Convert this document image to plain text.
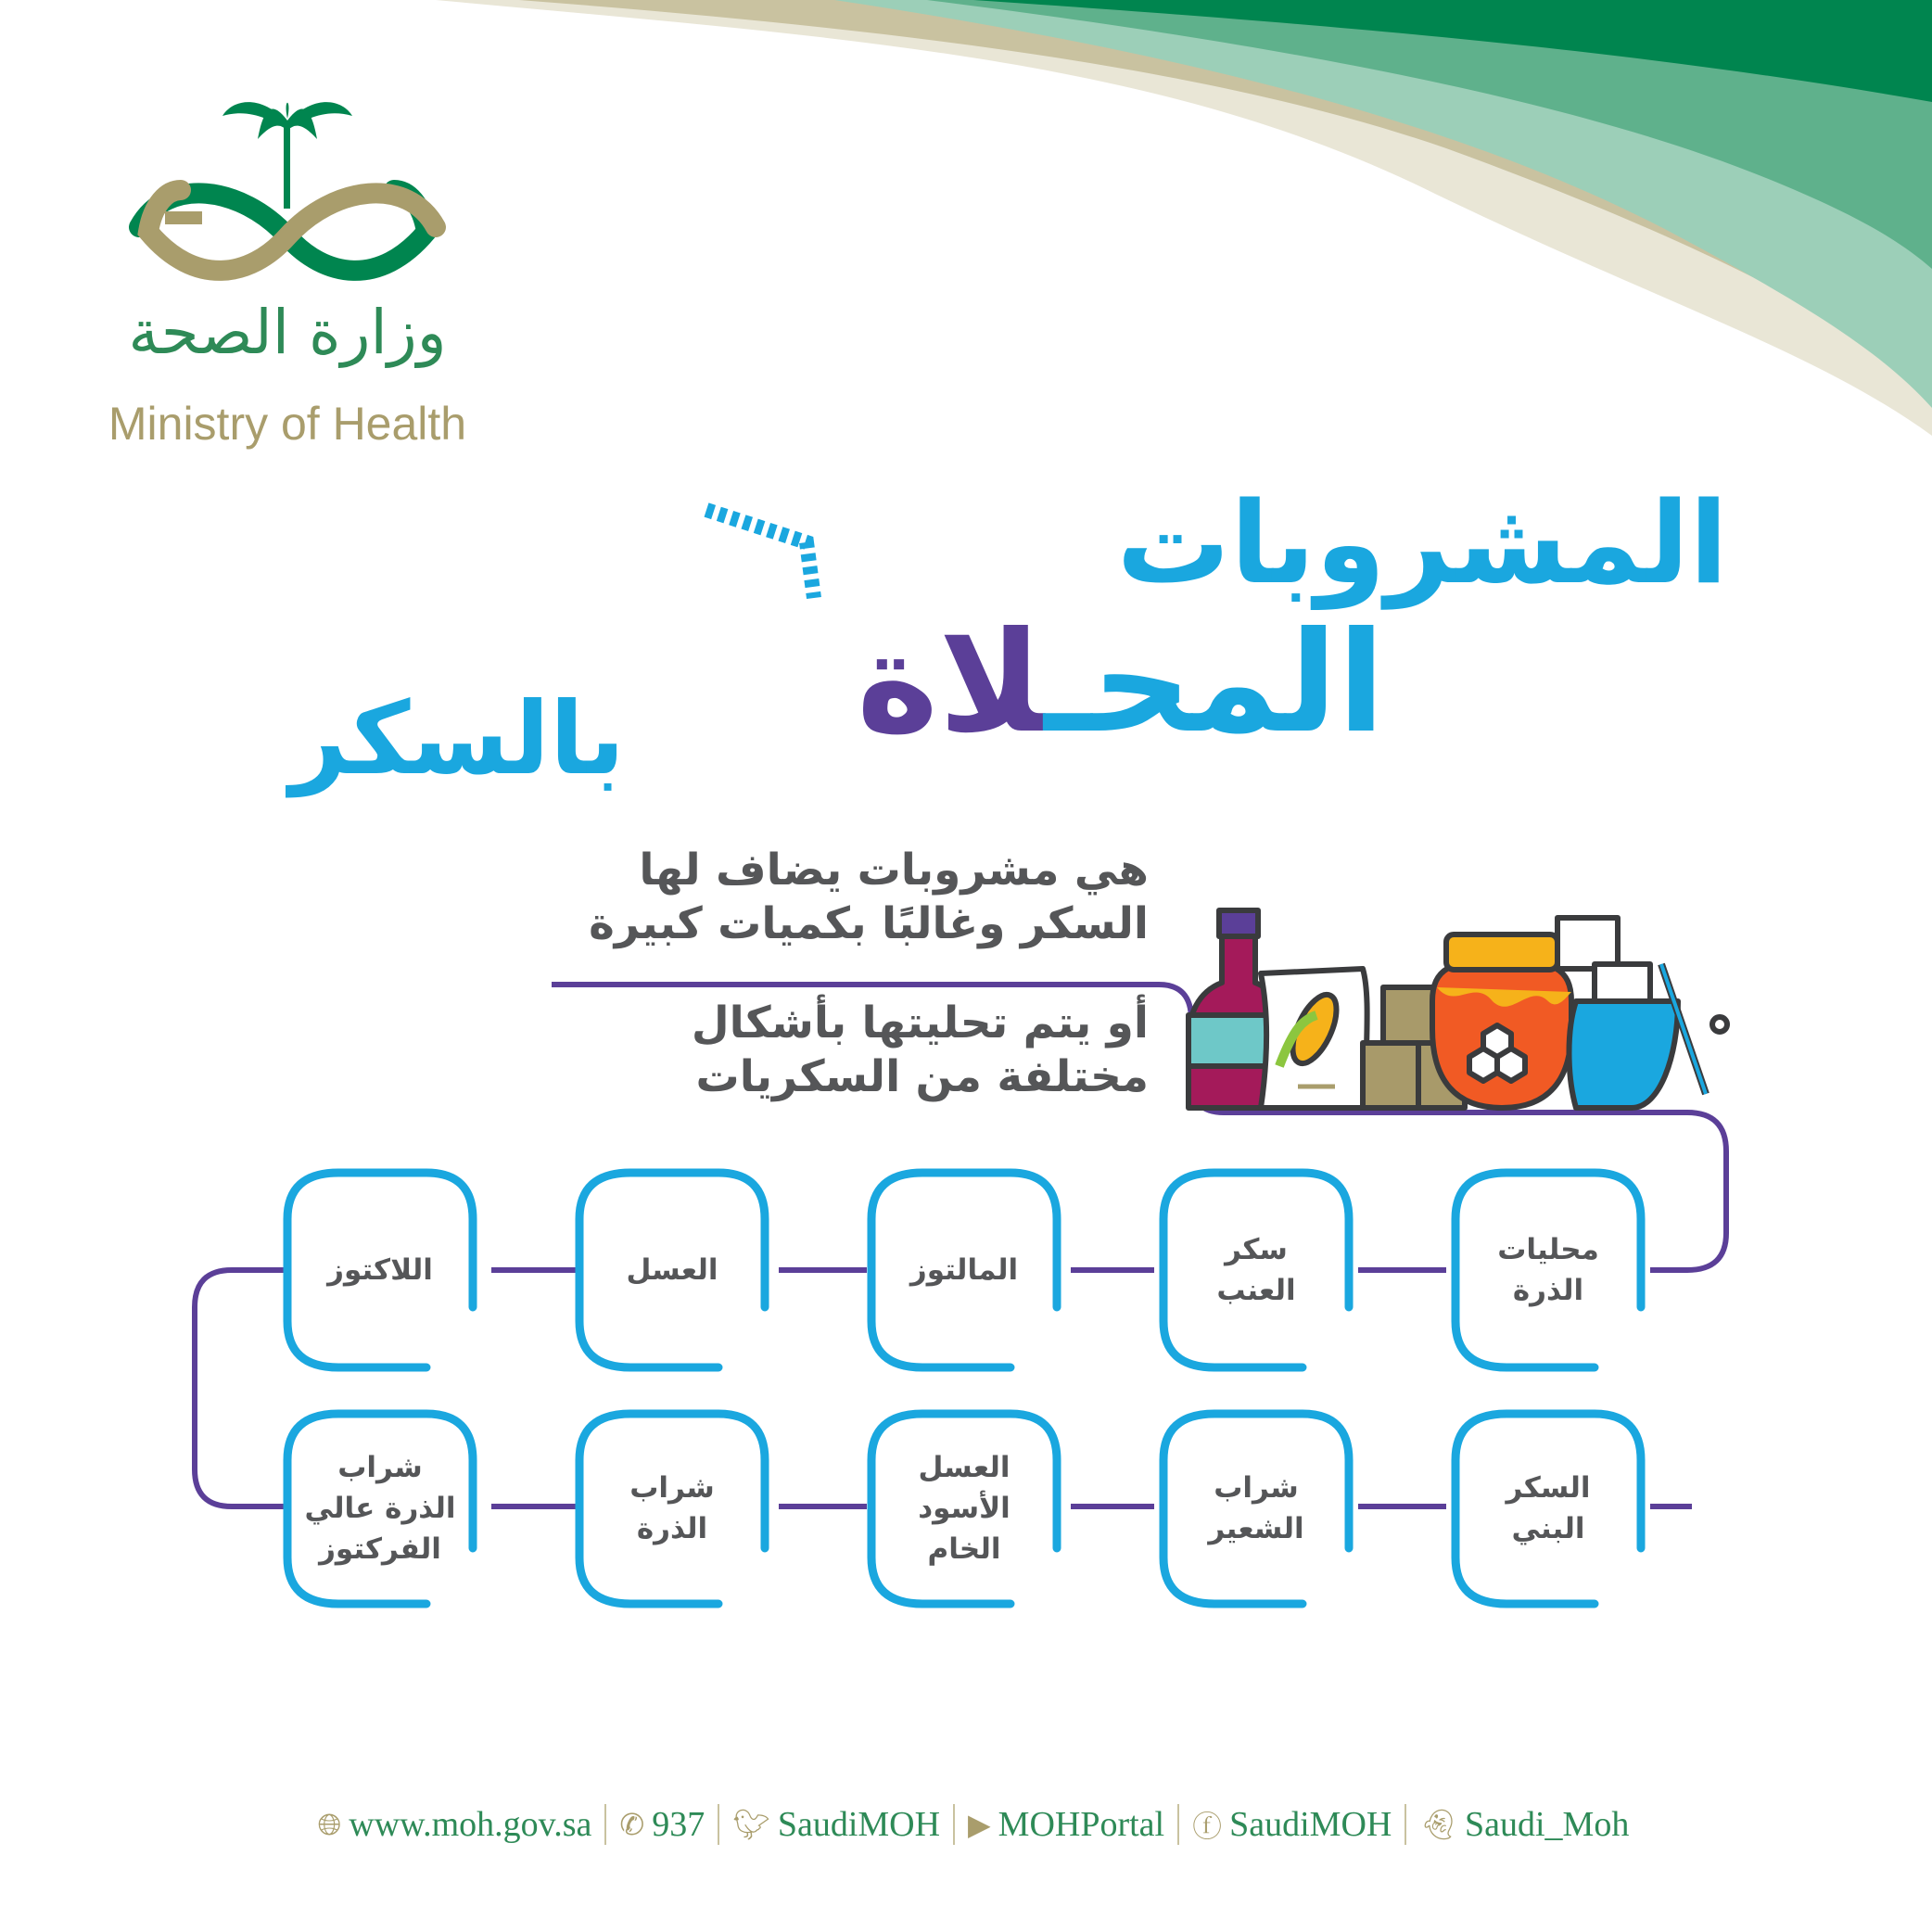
وزارة الصحة
Ministry of Health
المشروبات
المحـلاة
بالسكر
هي مشروبات يضاف لها
السكر وغالبًا بكميات كبيرة
أو يتم تحليتها بأشكال
مختلفة من السكريات
محليات
الذرة
سكر
العنب
المالتوز
العسل
اللاكتوز
السكر
البني
شراب
الشعير
العسل
الأسود
الخام
شراب
الذرة
شراب
الذرة عالي
الفركتوز
🌐︎ www.moh.gov.sa ✆ 937 🐦︎ SaudiMOH ▶ MOHPortal ⓕ SaudiMOH 👻︎ Saudi_Moh
